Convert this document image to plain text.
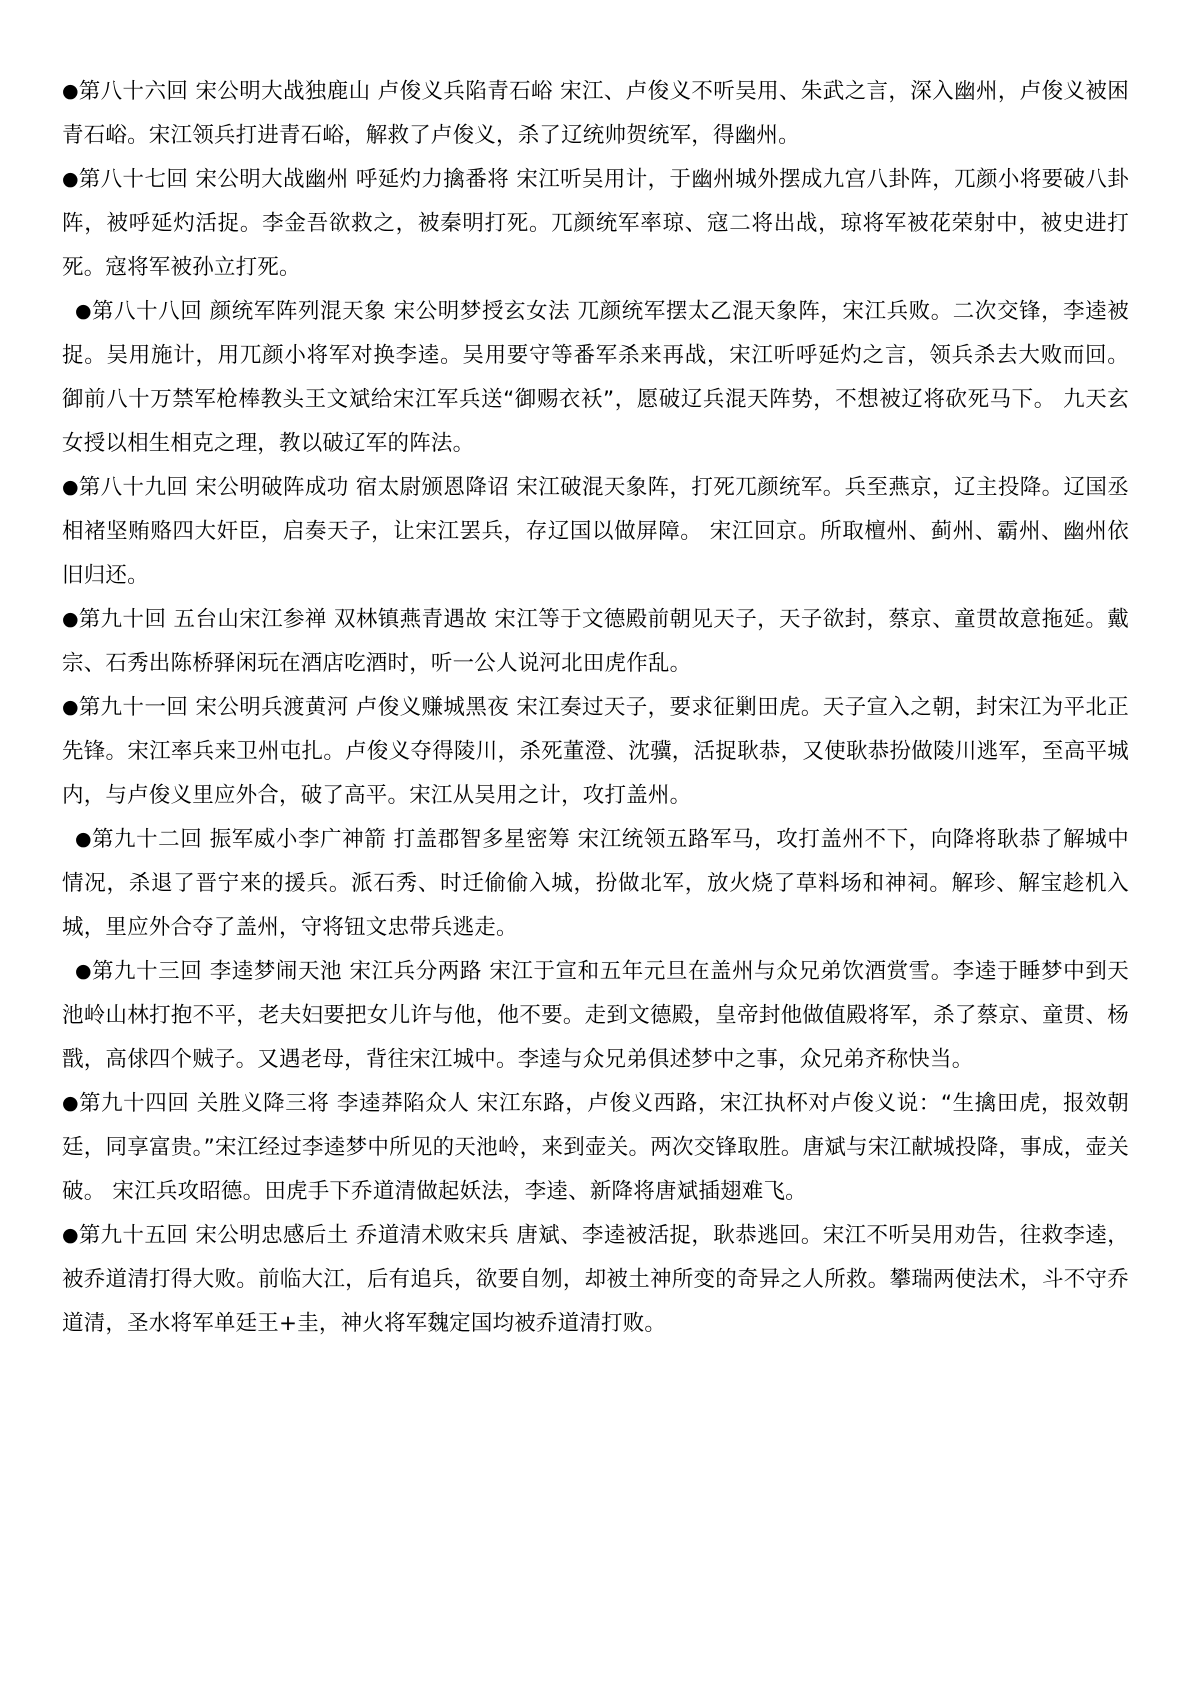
●第八十六回 宋公明大战独鹿山 卢俊义兵陷青石峪 宋江、卢俊义不听吴用、朱武之言，深入幽州，卢俊义被困青石峪。宋江领兵打进青石峪，解救了卢俊义，杀了辽统帅贺统军，得幽州。

●第八十七回 宋公明大战幽州 呼延灼力擒番将 宋江听吴用计，于幽州城外摆成九宫八卦阵，兀颜小将要破八卦阵，被呼延灼活捉。李金吾欲救之，被秦明打死。兀颜统军率琼、寇二将出战，琼将军被花荣射中，被史进打死。寇将军被孙立打死。

●第八十八回 颜统军阵列混天象 宋公明梦授玄女法 兀颜统军摆太乙混天象阵，宋江兵败。二次交锋，李逵被捉。吴用施计，用兀颜小将军对换李逵。吴用要守等番军杀来再战，宋江听呼延灼之言，领兵杀去大败而回。 御前八十万禁军枪棒教头王文斌给宋江军兵送“御赐衣袄”，愿破辽兵混天阵势，不想被辽将砍死马下。 九天玄女授以相生相克之理，教以破辽军的阵法。

●第八十九回 宋公明破阵成功 宿太尉颁恩降诏 宋江破混天象阵，打死兀颜统军。兵至燕京，辽主投降。辽国丞相褚坚贿赂四大奸臣，启奏天子，让宋江罢兵，存辽国以做屏障。 宋江回京。所取檀州、蓟州、霸州、幽州依旧归还。

●第九十回 五台山宋江参禅 双林镇燕青遇故 宋江等于文德殿前朝见天子，天子欲封，蔡京、童贯故意拖延。戴宗、石秀出陈桥驿闲玩在酒店吃酒时，听一公人说河北田虎作乱。

●第九十一回 宋公明兵渡黄河 卢俊义赚城黑夜 宋江奏过天子，要求征剿田虎。天子宣入之朝，封宋江为平北正先锋。宋江率兵来卫州屯扎。卢俊义夺得陵川，杀死董澄、沈骥，活捉耿恭，又使耿恭扮做陵川逃军，至高平城内，与卢俊义里应外合，破了高平。宋江从吴用之计，攻打盖州。

●第九十二回 振军威小李广神箭 打盖郡智多星密筹 宋江统领五路军马，攻打盖州不下，向降将耿恭了解城中情况，杀退了晋宁来的援兵。派石秀、时迁偷偷入城，扮做北军，放火烧了草料场和神祠。解珍、解宝趁机入城，里应外合夺了盖州，守将钮文忠带兵逃走。

●第九十三回 李逵梦闹天池 宋江兵分两路 宋江于宣和五年元旦在盖州与众兄弟饮酒赏雪。李逵于睡梦中到天池岭山林打抱不平，老夫妇要把女儿许与他，他不要。走到文德殿，皇帝封他做值殿将军，杀了蔡京、童贯、杨戬，高俅四个贼子。又遇老母，背往宋江城中。李逵与众兄弟俱述梦中之事，众兄弟齐称快当。

●第九十四回 关胜义降三将 李逵莽陷众人 宋江东路，卢俊义西路，宋江执杯对卢俊义说：“生擒田虎，报效朝廷，同享富贵。”宋江经过李逵梦中所见的天池岭，来到壶关。两次交锋取胜。唐斌与宋江献城投降，事成，壶关破。 宋江兵攻昭德。田虎手下乔道清做起妖法，李逵、新降将唐斌插翅难飞。

●第九十五回 宋公明忠感后土 乔道清术败宋兵 唐斌、李逵被活捉，耿恭逃回。宋江不听吴用劝告，往救李逵，被乔道清打得大败。前临大江，后有追兵，欲要自刎，却被土神所变的奇异之人所救。攀瑞两使法术，斗不守乔道清，圣水将军单廷王+圭，神火将军魏定国均被乔道清打败。
